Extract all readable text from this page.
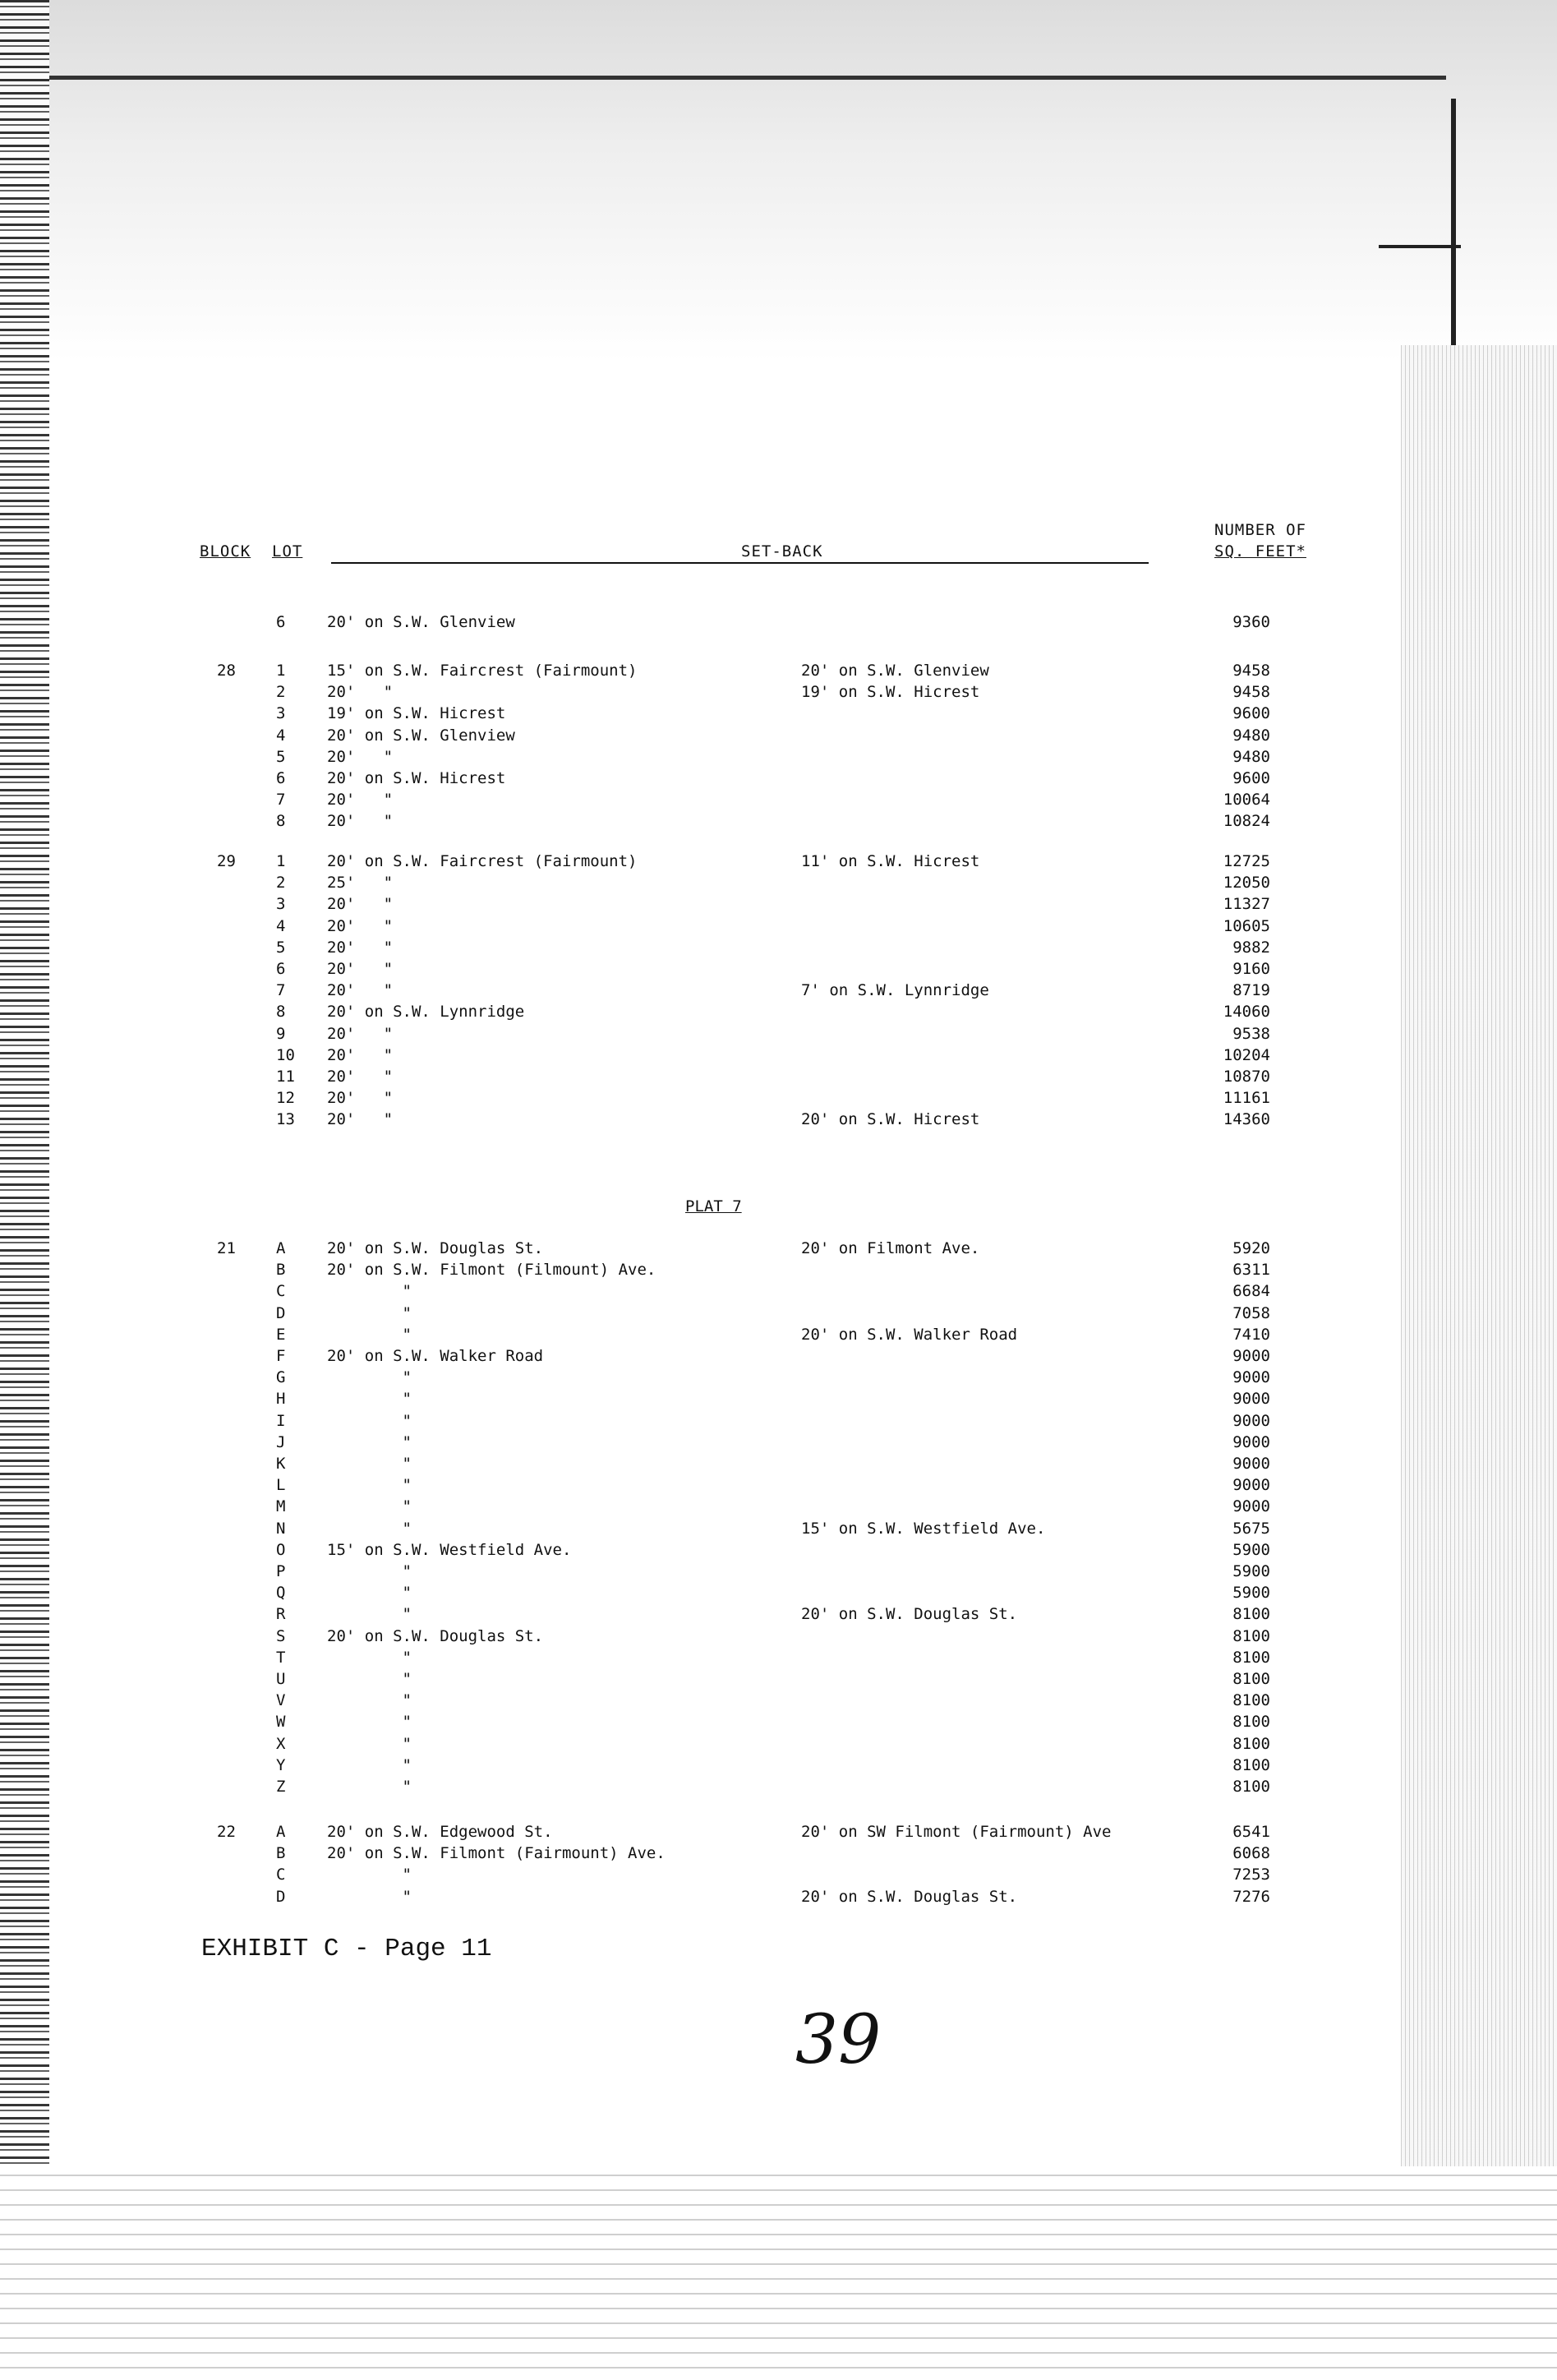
BLOCK LOT	SET-BACK
NUMBER OF
SQ. FEET*
6	20' on S.W. Glenview	9360
28	1	15' on S.W. Faircrest (Fairmount)	20' on S.W. Glenview	9458
2	20'   "	19' on S.W. Hicrest	9458
3	19' on S.W. Hicrest	9600
4	20' on S.W. Glenview	9480
5	20'   "	9480
6	20' on S.W. Hicrest	9600
7	20'   "	10064
8	20'   "	10824
29	1	20' on S.W. Faircrest (Fairmount)	11' on S.W. Hicrest	12725
2	25'   "	12050
3	20'   "	11327
4	20'   "	10605
5	20'   "	9882
6	20'   "	9160
7	20'   "	7' on S.W. Lynnridge	8719
8	20' on S.W. Lynnridge	14060
9	20'   "	9538
10 20'   "	10204
11 20'   "	10870
12 20'   "	11161
13 20'   "	20' on S.W. Hicrest	14360
21	A	20' on S.W. Douglas St.	20' on Filmont Ave.	5920
B	20' on S.W. Filmont (Filmount) Ave.	6311
C	"	6684
D	"	7058
E	"	20' on S.W. Walker Road	7410
F	20' on S.W. Walker Road	9000
G	"	9000
H	"	9000
I	"	9000
J	"	9000
K	"	9000
L	"	9000
M	"	9000
N	"	15' on S.W. Westfield Ave.	5675
O	15' on S.W. Westfield Ave.	5900
P	"	5900
Q	"	5900
R	"	20' on S.W. Douglas St.	8100
S	20' on S.W. Douglas St.	8100
T	"	8100
U	"	8100
V	"	8100
W	"	8100
X	"	8100
Y	"	8100
Z	"	8100
22	A	20' on S.W. Edgewood St.	20' on SW Filmont (Fairmount) Ave	6541
B	20' on S.W. Filmont (Fairmount) Ave.	6068
C	"	7253
D	"	20' on S.W. Douglas St.	7276
PLAT 7
EXHIBIT C - Page 11
39
